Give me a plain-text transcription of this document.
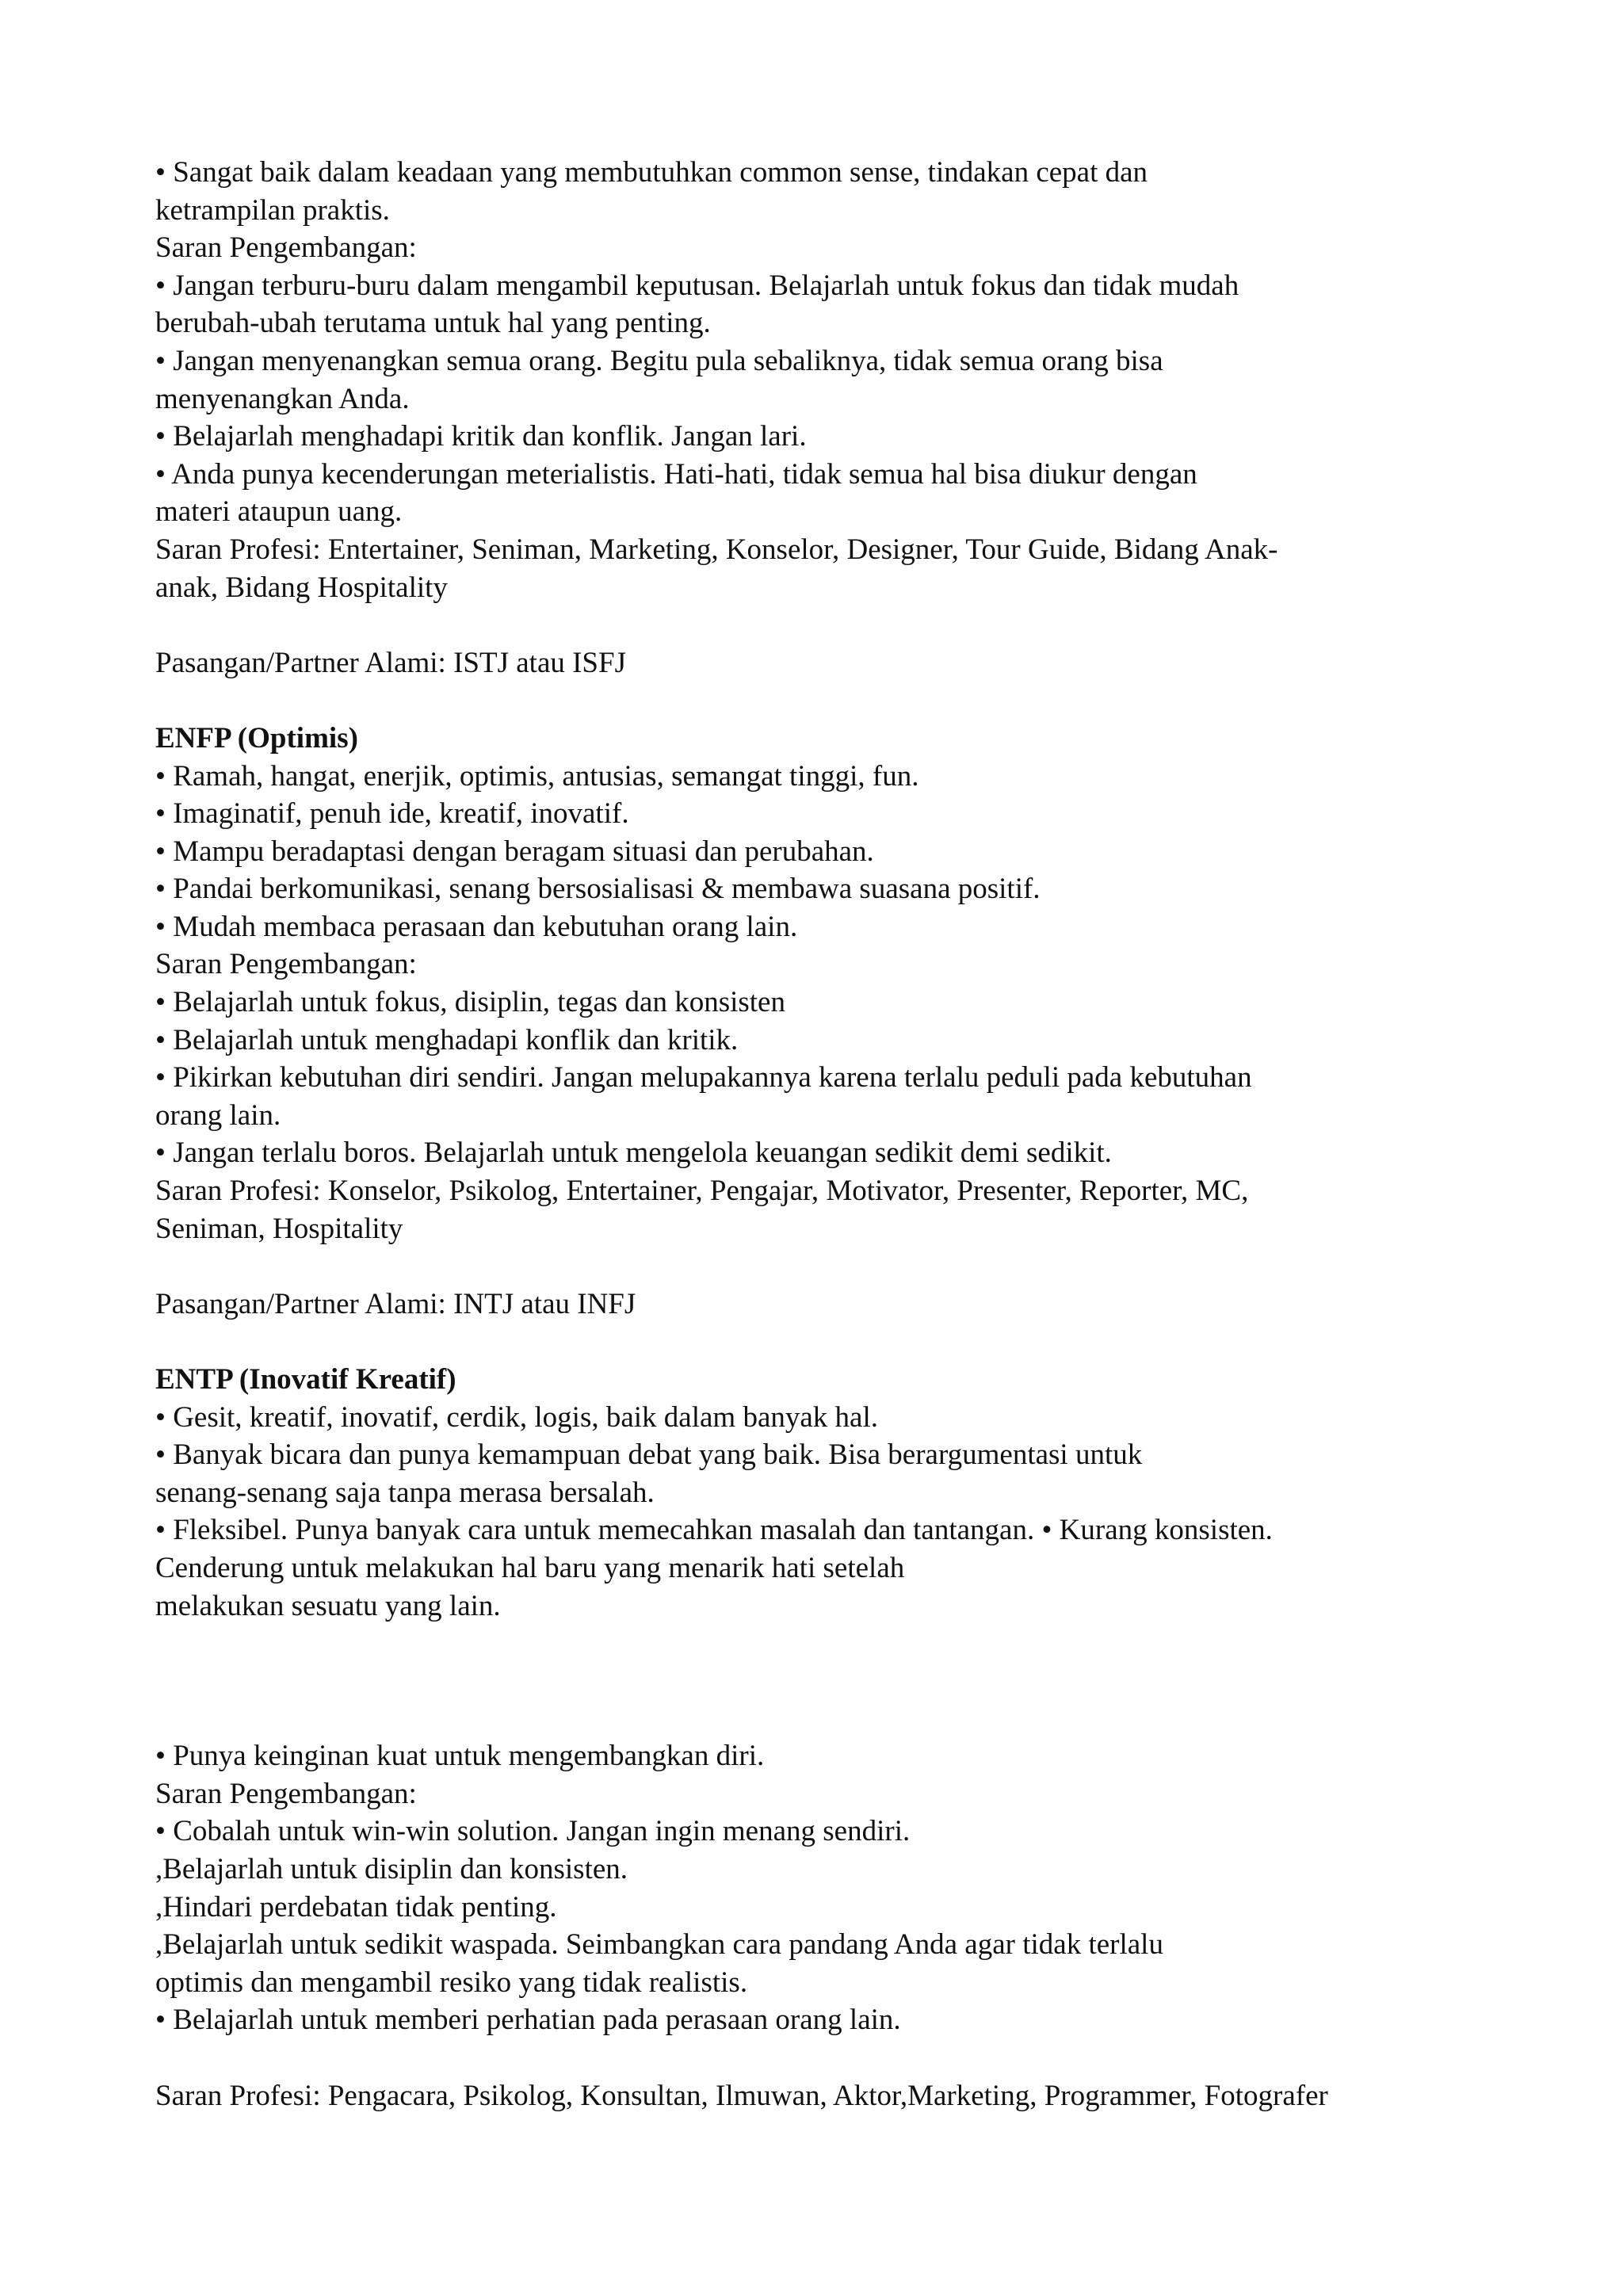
• Sangat baik dalam keadaan yang membutuhkan common sense, tindakan cepat dan
ketrampilan praktis.
Saran Pengembangan:
• Jangan terburu-buru dalam mengambil keputusan. Belajarlah untuk fokus dan tidak mudah
berubah-ubah terutama untuk hal yang penting.
• Jangan menyenangkan semua orang. Begitu pula sebaliknya, tidak semua orang bisa
menyenangkan Anda.
• Belajarlah menghadapi kritik dan konflik. Jangan lari.
• Anda punya kecenderungan meterialistis. Hati-hati, tidak semua hal bisa diukur dengan
materi ataupun uang.
Saran Profesi: Entertainer, Seniman, Marketing, Konselor, Designer, Tour Guide, Bidang Anak-
anak, Bidang Hospitality
Pasangan/Partner Alami: ISTJ atau ISFJ
ENFP (Optimis)
• Ramah, hangat, enerjik, optimis, antusias, semangat tinggi, fun.
• Imaginatif, penuh ide, kreatif, inovatif.
• Mampu beradaptasi dengan beragam situasi dan perubahan.
• Pandai berkomunikasi, senang bersosialisasi & membawa suasana positif.
• Mudah membaca perasaan dan kebutuhan orang lain.
Saran Pengembangan:
• Belajarlah untuk fokus, disiplin, tegas dan konsisten
• Belajarlah untuk menghadapi konflik dan kritik.
• Pikirkan kebutuhan diri sendiri. Jangan melupakannya karena terlalu peduli pada kebutuhan
orang lain.
• Jangan terlalu boros. Belajarlah untuk mengelola keuangan sedikit demi sedikit.
Saran Profesi: Konselor, Psikolog, Entertainer, Pengajar, Motivator, Presenter, Reporter, MC,
Seniman, Hospitality
Pasangan/Partner Alami: INTJ atau INFJ
ENTP (Inovatif Kreatif)
• Gesit, kreatif, inovatif, cerdik, logis, baik dalam banyak hal.
• Banyak bicara dan punya kemampuan debat yang baik. Bisa berargumentasi untuk
senang-senang saja tanpa merasa bersalah.
• Fleksibel. Punya banyak cara untuk memecahkan masalah dan tantangan. • Kurang konsisten.
Cenderung untuk melakukan hal baru yang menarik hati setelah
melakukan sesuatu yang lain.
• Punya keinginan kuat untuk mengembangkan diri.
Saran Pengembangan:
• Cobalah untuk win-win solution. Jangan ingin menang sendiri.
,Belajarlah untuk disiplin dan konsisten.
,Hindari perdebatan tidak penting.
,Belajarlah untuk sedikit waspada. Seimbangkan cara pandang Anda agar tidak terlalu
optimis dan mengambil resiko yang tidak realistis.
• Belajarlah untuk memberi perhatian pada perasaan orang lain.
Saran Profesi: Pengacara, Psikolog, Konsultan, Ilmuwan, Aktor,Marketing, Programmer, Fotografer
